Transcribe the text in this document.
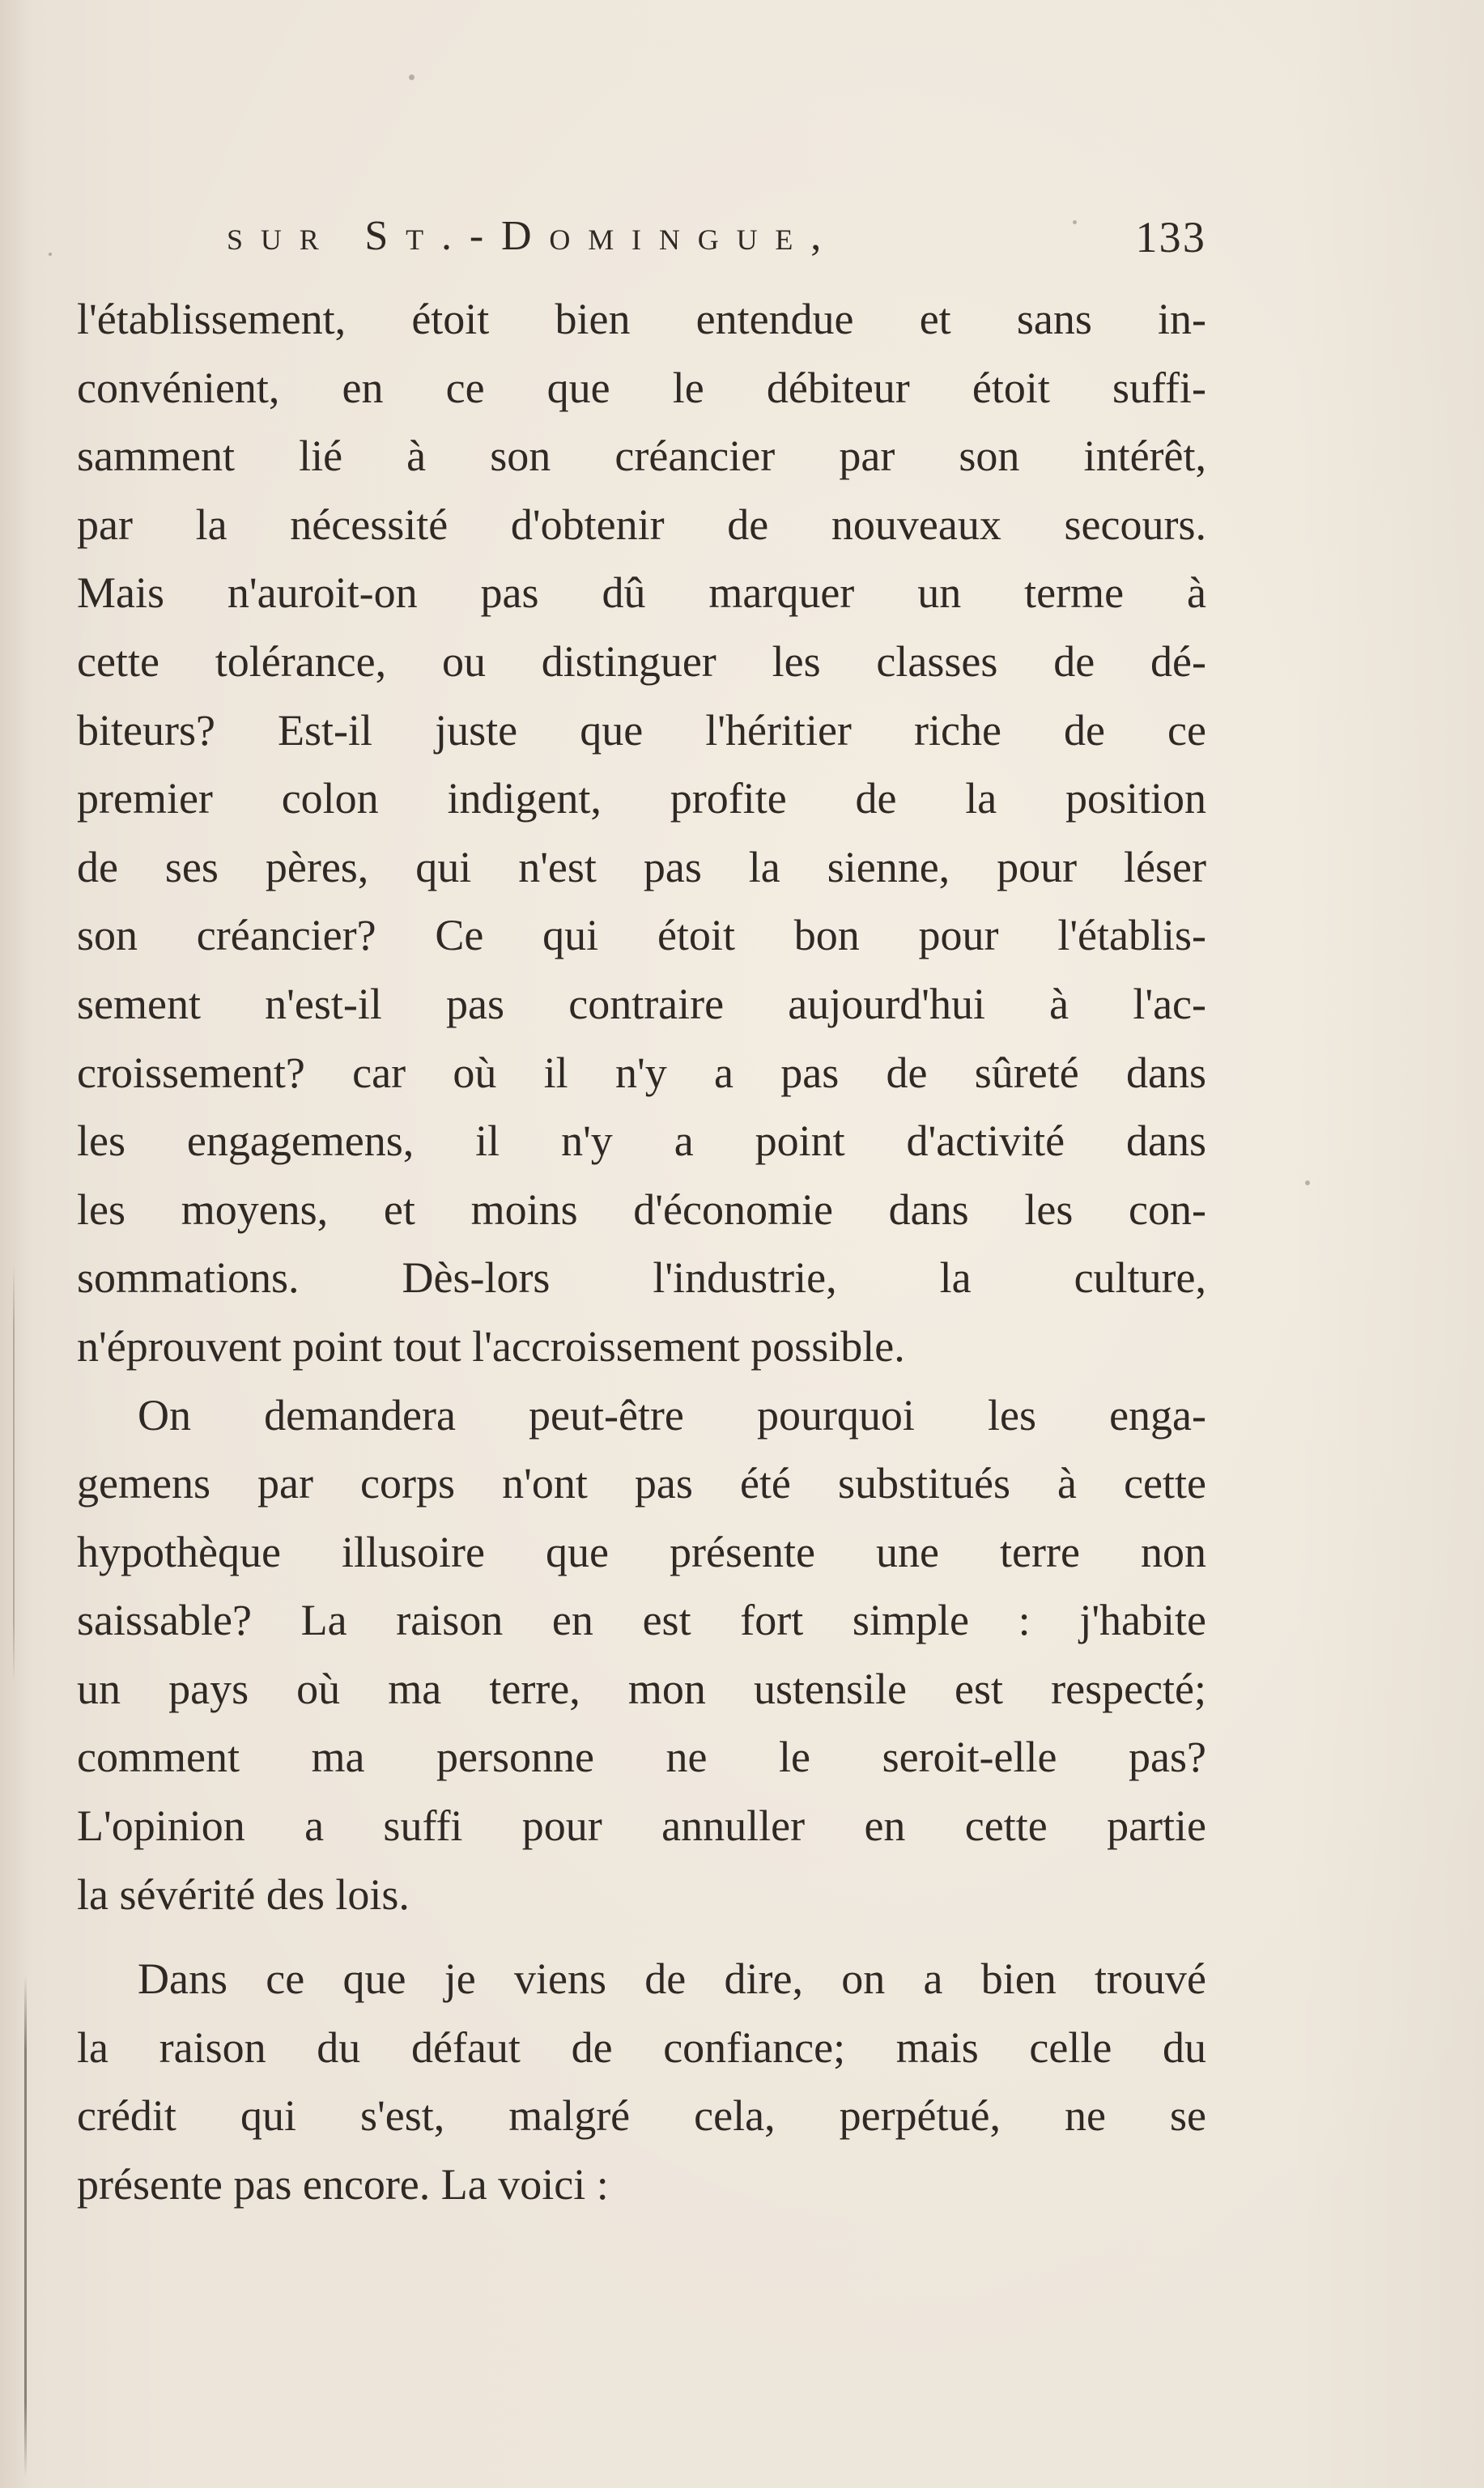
sur St.-Domingue,	133
l'établissement, étoit bien entendue et sans in-
convénient, en ce que le débiteur étoit suffi-
samment lié à son créancier par son intérêt,
par la nécessité d'obtenir de nouveaux secours.
Mais n'auroit-on pas dû marquer un terme à
cette tolérance, ou distinguer les classes de dé-
biteurs? Est-il juste que l'héritier riche de ce
premier colon indigent, profite de la position
de ses pères, qui n'est pas la sienne, pour léser
son créancier? Ce qui étoit bon pour l'établis-
sement n'est-il pas contraire aujourd'hui à l'ac-
croissement? car où il n'y a pas de sûreté dans
les engagemens, il n'y a point d'activité dans
les moyens, et moins d'économie dans les con-
sommations. Dès-lors l'industrie, la culture,
n'éprouvent point tout l'accroissement possible.
On demandera peut-être pourquoi les enga-
gemens par corps n'ont pas été substitués à cette
hypothèque illusoire que présente une terre non
saissable? La raison en est fort simple : j'habite
un pays où ma terre, mon ustensile est respecté;
comment ma personne ne le seroit-elle pas?
L'opinion a suffi pour annuller en cette partie
la sévérité des lois.
Dans ce que je viens de dire, on a bien trouvé
la raison du défaut de confiance; mais celle du
crédit qui s'est, malgré cela, perpétué, ne se
présente pas encore. La voici :
